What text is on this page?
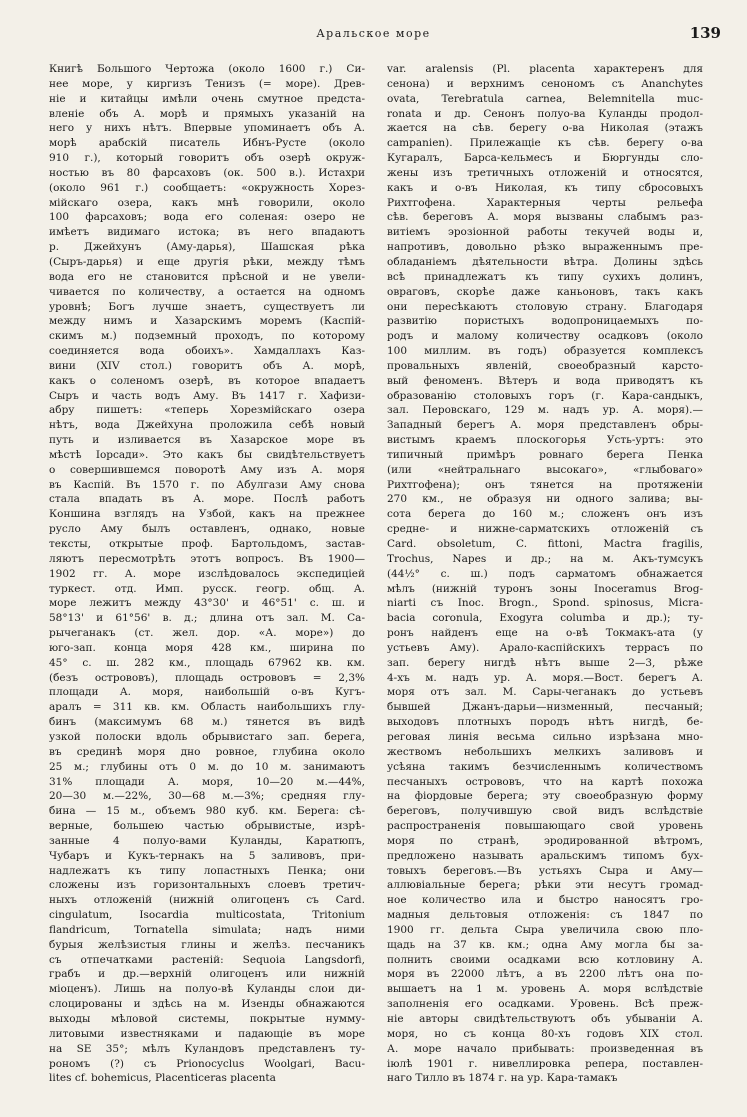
Аральское море	139
Книгѣ Большого Чертожа (около 1600 г.) Си-
нее море, у киргизъ Тенизъ (= море). Древ-
ніе и китайцы имѣли очень смутное предста-
вленіе объ А. морѣ и прямыхъ указаній на
него у нихъ нѣтъ. Впервые упоминаетъ объ А.
морѣ арабскій писатель Ибнъ-Русте (около
910 г.), который говоритъ объ озерѣ окруж-
ностью въ 80 фарсаховъ (ок. 500 в.). Истахри
(около 961 г.) сообщаетъ: «окружность Хорез-
мійскаго озера, какъ мнѣ говорили, около
100 фарсаховъ; вода его соленая: озеро не
имѣетъ видимаго истока; въ него впадаютъ
р. Джейхунъ (Аму-дарья), Шашская рѣка
(Сыръ-дарья) и еще другія рѣки, между тѣмъ
вода его не становится прѣсной и не увели-
чивается по количеству, а остается на одномъ
уровнѣ; Богъ лучше знаетъ, существуетъ ли
между нимъ и Хазарскимъ моремъ (Каспій-
скимъ м.) подземный проходъ, по которому
соединяется вода обоихъ». Хамдаллахъ Каз-
вини (XIV стол.) говоритъ объ А. морѣ,
какъ о соленомъ озерѣ, въ которое впадаетъ
Сыръ и часть водъ Аму. Въ 1417 г. Хафизи-
абру пишетъ: «теперь Хорезмійскаго озера
нѣтъ, вода Джейхуна проложила себѣ новый
путь и изливается въ Хазарское море въ
мѣстѣ Іорсади». Это какъ бы свидѣтельствуетъ
о совершившемся поворотѣ Аму изъ А. моря
въ Каспій. Въ 1570 г. по Абулгази Аму снова
стала впадать въ А. море. Послѣ работъ
Коншина взглядъ на Узбой, какъ на прежнее
русло Аму былъ оставленъ, однако, новые
тексты, открытые проф. Бартольдомъ, застав-
ляютъ пересмотрѣть этотъ вопросъ. Въ 1900—
1902 гг. А. море изслѣдовалось экспедиціей
туркест. отд. Имп. русск. геогр. общ. А.
море лежитъ между 43°30' и 46°51' с. ш. и
58°13' и 61°56' в. д.; длина отъ зал. М. Са-
рычеганакъ (ст. жел. дор. «А. море») до
юго-зап. конца моря 428 км., ширина по
45° с. ш. 282 км., площадь 67962 кв. км.
(безъ острововъ), площадь острововъ = 2,3%
площади А. моря, наибольшій о-въ Кугъ-
аралъ = 311 кв. км. Область наибольшихъ глу-
бинъ (максимумъ 68 м.) тянется въ видѣ
узкой полоски вдоль обрывистаго зап. берега,
въ срединѣ моря дно ровное, глубина около
25 м.; глубины отъ 0 м. до 10 м. занимаютъ
31% площади А. моря, 10—20 м.—44%,
20—30 м.—22%, 30—68 м.—3%; средняя глу-
бина — 15 м., объемъ 980 куб. км. Берега: сѣ-
верные, большею частью обрывистые, изрѣ-
занные 4 полуо-вами Куланды, Каратюпъ,
Чубаръ и Кукъ-тернакъ на 5 заливовъ, при-
надлежатъ къ типу лопастныхъ Пенка; они
сложены изъ горизонтальныхъ слоевъ третич-
ныхъ отложеній (нижній олигоценъ съ Card.
cingulatum, Isocardia multicostata, Tritonium
flandricum, Tornatella simulata; надъ ними
бурыя желѣзистыя глины и желѣз. песчаникъ
съ отпечатками растеній: Sequoia Langsdorfi,
грабъ и др.—верхній олигоценъ или нижній
міоценъ). Лишь на полуо-вѣ Куланды слои ди-
слоцированы и здѣсь на м. Изенды обнажаются
выходы мѣловой системы, покрытые нумму-
литовыми известняками и падающіе въ море
на SE 35°; мѣлъ Куландовъ представленъ ту-
рономъ (?) съ Prionocyclus Woolgari, Bacu-
lites cf. bohemicus, Placenticeras placenta
var. aralensis (Pl. placenta характеренъ для
сенона) и верхнимъ сенономъ съ Ananchytes
ovata, Terebratula carnea, Belemnitella muc-
ronata и др. Сенонъ полуо-ва Куланды продол-
жается на сѣв. берегу о-ва Николая (этажъ
campanien). Прилежащіе къ сѣв. берегу о-ва
Кугаралъ, Барса-кельмесъ и Бюргунды сло-
жены изъ третичныхъ отложеній и относятся,
какъ и о-въ Николая, къ типу сбросовыхъ
Рихтгофена. Характерныя черты рельефа
сѣв. береговъ А. моря вызваны слабымъ раз-
витіемъ эрозіонной работы текучей воды и,
напротивъ, довольно рѣзко выраженнымъ пре-
обладаніемъ дѣятельности вѣтра. Долины здѣсь
всѣ принадлежатъ къ типу сухихъ долинъ,
овраговъ, скорѣе даже каньоновъ, такъ какъ
они пересѣкаютъ столовую страну. Благодаря
развитію пористыхъ водопроницаемыхъ по-
родъ и малому количеству осадковъ (около
100 миллим. въ годъ) образуется комплексъ
провальныхъ явленій, своеобразный карсто-
вый феноменъ. Вѣтеръ и вода приводятъ къ
образованію столовыхъ горъ (г. Кара-сандыкъ,
зал. Перовскаго, 129 м. надъ ур. А. моря).—
Западный берегъ А. моря представленъ обры-
вистымъ краемъ плоскогорья Усть-уртъ: это
типичный примѣръ ровнаго берега Пенка
(или «нейтральнаго высокаго», «глыбоваго»
Рихтгофена); онъ тянется на протяженіи
270 км., не образуя ни одного залива; вы-
сота берега до 160 м.; сложенъ онъ изъ
средне- и нижне-сарматскихъ отложеній съ
Card. obsoletum, C. fittoni, Mactra fragilis,
Trochus, Napes и др.; на м. Акъ-тумсукъ
(44½° с. ш.) подъ сарматомъ обнажается
мѣлъ (нижній туронъ зоны Inoceramus Brog-
niarti съ Inoc. Brogn., Spond. spinosus, Micra-
bacia coronula, Exogyra columba и др.); ту-
ронъ найденъ еще на о-вѣ Токмакъ-ата (у
устьевъ Аму). Арало-каспійскихъ террасъ по
зап. берегу нигдѣ нѣтъ выше 2—3, рѣже
4-хъ м. надъ ур. А. моря.—Вост. берегъ А.
моря отъ зал. М. Сары-чеганакъ до устьевъ
бывшей Джанъ-дарьи—низменный, песчаный;
выходовъ плотныхъ породъ нѣтъ нигдѣ, бе-
реговая линія весьма сильно изрѣзана мно-
жествомъ небольшихъ мелкихъ заливовъ и
усѣяна такимъ безчисленнымъ количествомъ
песчаныхъ острововъ, что на картѣ похожа
на фіордовые берега; эту своеобразную форму
береговъ, получившую свой видъ вслѣдствіе
распространенія повышающаго свой уровень
моря по странѣ, эродированной вѣтромъ,
предложено называть аральскимъ типомъ бух-
товыхъ береговъ.—Въ устьяхъ Сыра и Аму—
аллювіальные берега; рѣки эти несутъ громад-
ное количество ила и быстро наносятъ гро-
мадныя дельтовыя отложенія: съ 1847 по
1900 гг. дельта Сыра увеличила свою пло-
щадь на 37 кв. км.; одна Аму могла бы за-
полнить своими осадками всю котловину А.
моря въ 22000 лѣтъ, а въ 2200 лѣтъ она по-
вышаетъ на 1 м. уровень А. моря вслѣдствіе
заполненія его осадками. Уровень. Всѣ преж-
ніе авторы свидѣтельствуютъ объ убываніи А.
моря, но съ конца 80-хъ годовъ XIX стол.
А. море начало прибывать: произведенная въ
іюлѣ 1901 г. нивеллировка репера, поставлен-
наго Тилло въ 1874 г. на ур. Кара-тамакъ
